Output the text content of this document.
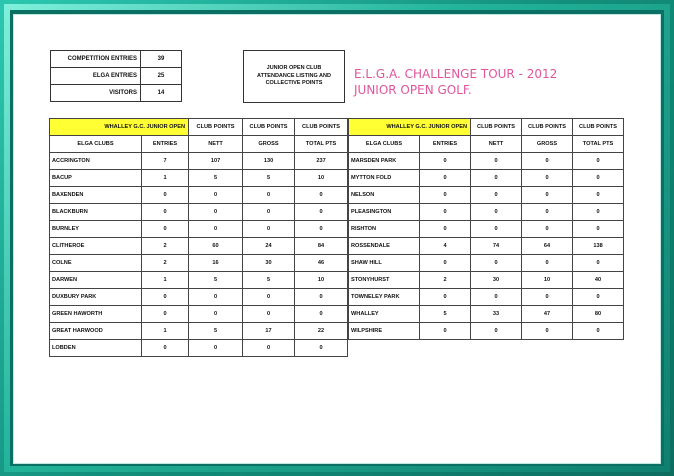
COMPETITION ENTRIES	39
ELGA ENTRIES	25
VISITORS	14
JUNIOR OPEN CLUB
ATTENDANCE LISTING AND
COLLECTIVE POINTS
E.L.G.A. CHALLENGE TOUR - 2012
JUNIOR OPEN GOLF.
WHALLEY G.C. JUNIOR OPEN		CLUB POINTS	CLUB POINTS	CLUB POINTS
ELGA CLUBS	ENTRIES	NETT	GROSS	TOTAL PTS
ACCRINGTON	7	107	130	237
BACUP	1	5	5	10
BAXENDEN	0	0	0	0
BLACKBURN	0	0	0	0
BURNLEY	0	0	0	0
CLITHEROE	2	60	24	84
COLNE	2	16	30	46
DARWEN	1	5	5	10
DUXBURY PARK	0	0	0	0
GREEN HAWORTH	0	0	0	0
GREAT HARWOOD	1	5	17	22
LOBDEN	0	0	0	0
WHALLEY G.C. JUNIOR OPEN		CLUB POINTS	CLUB POINTS	CLUB POINTS
ELGA CLUBS	ENTRIES	NETT	GROSS	TOTAL PTS
MARSDEN PARK	0	0	0	0
MYTTON FOLD	0	0	0	0
NELSON	0	0	0	0
PLEASINGTON	0	0	0	0
RISHTON	0	0	0	0
ROSSENDALE	4	74	64	138
SHAW HILL	0	0	0	0
STONYHURST	2	30	10	40
TOWNELEY PARK	0	0	0	0
WHALLEY	5	33	47	80
WILPSHIRE	0	0	0	0
